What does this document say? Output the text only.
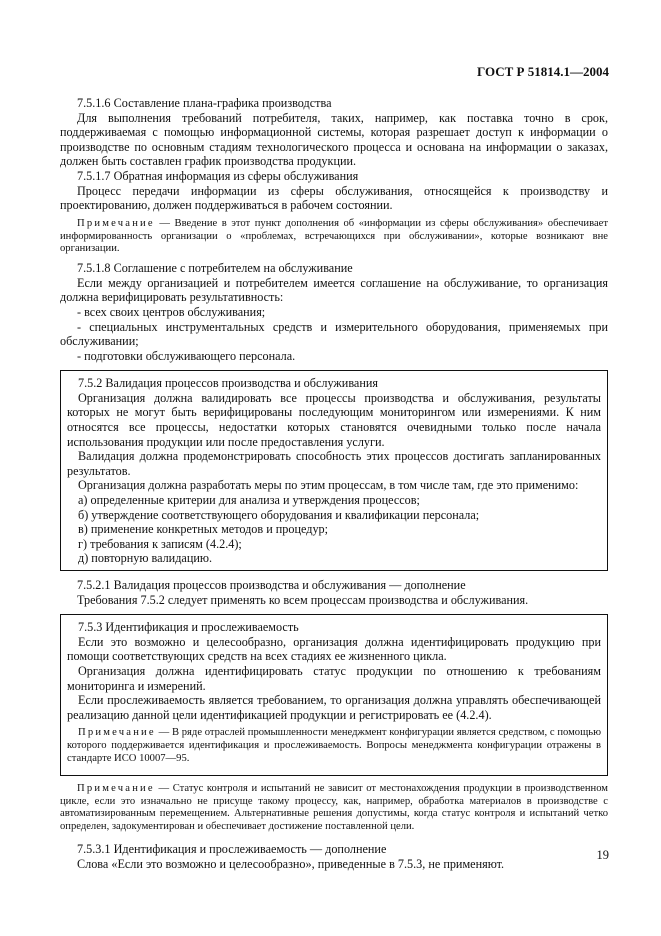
ГОСТ Р 51814.1—2004

7.5.1.6 Составление плана-графика производства

Для выполнения требований потребителя, таких, например, как поставка точно в срок, поддерживаемая с помощью информационной системы, которая разрешает доступ к информации о производстве по основным стадиям технологического процесса и основана на информации о заказах, должен быть составлен график производства продукции.

7.5.1.7 Обратная информация из сферы обслуживания

Процесс передачи информации из сферы обслуживания, относящейся к производству и проектированию, должен поддерживаться в рабочем состоянии.

Примечание — Введение в этот пункт дополнения об «информации из сферы обслуживания» обеспечивает информированность организации о «проблемах, встречающихся при обслуживании», которые возникают вне организации.

7.5.1.8 Соглашение с потребителем на обслуживание

Если между организацией и потребителем имеется соглашение на обслуживание, то организация должна верифицировать результативность:

- всех своих центров обслуживания;

- специальных инструментальных средств и измерительного оборудования, применяемых при обслуживании;

- подготовки обслуживающего персонала.

7.5.2 Валидация процессов производства и обслуживания

Организация должна валидировать все процессы производства и обслуживания, результаты которых не могут быть верифицированы последующим мониторингом или измерениями. К ним относятся все процессы, недостатки которых становятся очевидными только после начала использования продукции или после предоставления услуги.

Валидация должна продемонстрировать способность этих процессов достигать запланированных результатов.

Организация должна разработать меры по этим процессам, в том числе там, где это применимо:

а) определенные критерии для анализа и утверждения процессов;

б) утверждение соответствующего оборудования и квалификации персонала;

в) применение конкретных методов и процедур;

г) требования к записям (4.2.4);

д) повторную валидацию.

7.5.2.1 Валидация процессов производства и обслуживания — дополнение

Требования 7.5.2 следует применять ко всем процессам производства и обслуживания.

7.5.3 Идентификация и прослеживаемость

Если это возможно и целесообразно, организация должна идентифицировать продукцию при помощи соответствующих средств на всех стадиях ее жизненного цикла.

Организация должна идентифицировать статус продукции по отношению к требованиям мониторинга и измерений.

Если прослеживаемость является требованием, то организация должна управлять обеспечивающей реализацию данной цели идентификацией продукции и регистрировать ее (4.2.4).

Примечание — В ряде отраслей промышленности менеджмент конфигурации является средством, с помощью которого поддерживается идентификация и прослеживаемость. Вопросы менеджмента конфигурации отражены в стандарте ИСО 10007—95.

Примечание — Статус контроля и испытаний не зависит от местонахождения продукции в производственном цикле, если это изначально не присуще такому процессу, как, например, обработка материалов в производстве с автоматизированным перемещением. Альтернативные решения допустимы, когда статус контроля и испытаний четко определен, задокументирован и обеспечивает достижение поставленной цели.

7.5.3.1 Идентификация и прослеживаемость — дополнение

Слова «Если это возможно и целесообразно», приведенные в 7.5.3, не применяют.

19
